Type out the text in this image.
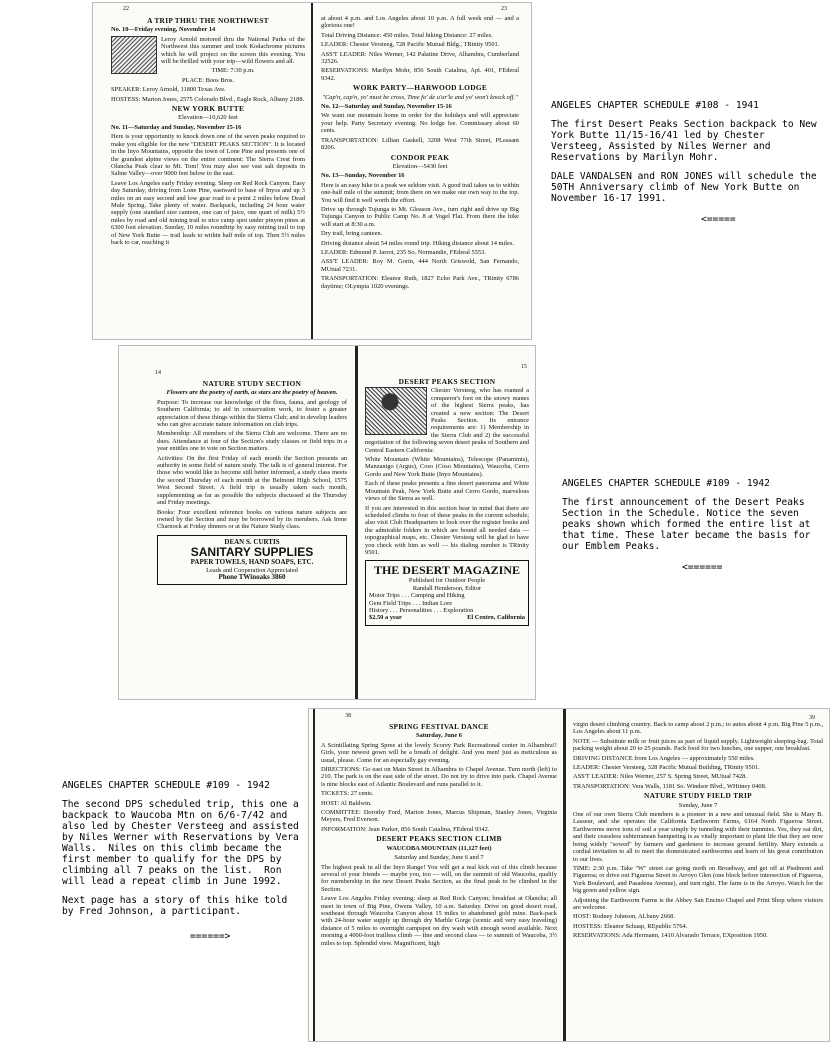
22	23
A TRIP THRU THE NORTHWEST

No. 10—Friday evening, November 14

Leroy Arnold motored thru the National Parks of the Northwest this summer and took Kodachrome pictures which he will project on the screen this evening. You will be thrilled with your trip—wild flowers and all.

TIME: 7:30 p.m.

PLACE: Boos Bros.

SPEAKER: Leroy Arnold, 11800 Texas Ave.

HOSTESS: Marion Jones, 2575 Colorado Blvd., Eagle Rock, Albany 2188.

NEW YORK BUTTE

Elevation—10,620 feet

No. 11—Saturday and Sunday, November 15-16

Here is your opportunity to knock down one of the seven peaks required to make you eligible for the new "DESERT PEAKS SECTION". It is located in the Inyo Mountains, opposite the town of Lone Pine and presents one of the grandest alpine views on the entire continent: The Sierra Crest from Olancha Peak clear to Mt. Tom! You may also see vast salt deposits in Saline Valley—over 9000 feet below to the east.

Leave Los Angeles early Friday evening. Sleep on Red Rock Canyon. Easy day Saturday, driving from Lone Pine, eastward to base of Inyos and up 3 miles on an easy second and low gear road to a point 2 miles below Dead Mule Spring. Take plenty of water. Backpack, including 24 hour water supply (one standard size canteen, one can of juice, one quart of milk) 5½ miles by road and old mining trail to nice camp spot under pinyon pines at 6300 foot elevation. Sunday, 10 miles roundtrip by easy mining trail to top of New York Butte — trail leads to within half mile of top. Then 5½ miles back to car, reaching it

at about 4 p.m. and Los Angeles about 10 p.m. A full week end — and a glorious one!

Total Driving Distance: 450 miles. Total hiking Distance: 27 miles.

LEADER: Chester Versteeg, 728 Pacific Mutual Bldg., TRinity 9501.

ASS'T LEADER: Niles Werner, 142 Palatine Drive, Alhambra, Cumberland 32526.

RESERVATIONS: Marilyn Mohr, 856 South Catalina, Apt. 401, FEderal 9342.

WORK PARTY—HARWOOD LODGE

"Cap'n, cap'n, yo' must be cross, Time fo' de u'ar'le and yo' won't knock off."

No. 12—Saturday and Sunday, November 15-16

We want our mountain home in order for the holidays and will appreciate your help. Party Secretary evening. No lodge fee. Commissary about 60 cents.

TRANSPORTATION: Lillian Gaskell, 3208 West 77th Street, PLeasant 8206.

CONDOR PEAK

Elevation—5430 feet

No. 13—Sunday, November 16

Here is an easy hike to a peak we seldom visit. A good trail takes us to within one-half mile of the summit; from there on we make our own way to the top. You will find it well worth the effort.

Drive up through Tujunga to Mt. Gleason Ave., turn right and drive up Big Tujunga Canyon to Public Camp No. 8 at Vogel Flat. From there the hike will start at 8:30 a.m.

Dry trail, bring canteen.

Driving distance about 54 miles round trip. Hiking distance about 14 miles.

LEADER: Edmund P. Jarrot, 235 So. Normandie, FEderal 5553.

ASS'T LEADER: Roy M. Gorin, 444 North Griswold, San Fernando, MUtual 7231.

TRANSPORTATION: Eleanor Ruth, 1827 Echo Park Ave., TRinity 6786 daytime; OLympia 1020 evenings.

ANGELES CHAPTER SCHEDULE #108 - 1941

The first Desert Peaks Section backpack to New York Butte 11/15-16/41 led by Chester Versteeg, Assisted by Niles Werner and Reservations by Marilyn Mohr.

DALE VANDALSEN and RON JONES will schedule the 50TH Anniversary climb of New York Butte on November 16-17 1991.

<=====

14
15
NATURE STUDY SECTION

Flowers are the poetry of earth, as stars are the poetry of heaven.

Purpose: To increase our knowledge of the flora, fauna, and geology of Southern California; to aid in conservation work, to foster a greater appreciation of these things within the Sierra Club; and to develop leaders who can give accurate nature information on club trips.

Membership: All members of the Sierra Club are welcome. There are no dues. Attendance at four of the Section's study classes or field trips in a year entitles one to vote on Section matters.

Activities: On the first Friday of each month the Section presents an authority in some field of nature study. The talk is of general interest. For those who would like to become still better informed, a study class meets the second Thursday of each month at the Belmont High School, 1575 West Second Street. A field trip is usually taken each month, supplementing as far as possible the subjects discussed at the Thursday and Friday meetings.

Books: Four excellent reference books on various nature subjects are owned by the Section and may be borrowed by its members. Ask Irene Charnock at Friday dinners or at the Nature Study class.

DEAN S. CURTIS
SANITARY SUPPLIES
PAPER TOWELS, HAND SOAPS, ETC.
Leads and Cooperation Appreciated
Phone TWinoaks 3860
DESERT PEAKS SECTION

Chester Versteeg, who has roamed a conqueror's foot on the snowy manes of the highest Sierra peaks, has created a new section: The Desert Peaks Section. Its entrance requirements are: 1) Membership in the Sierra Club and 2) the successful negotiation of the following seven desert peaks of Southern and Central Eastern California:

White Mountain (White Mountains), Telescope (Panamints), Manzanigo (Argus), Coso (Coso Mountains), Waucoba, Cerro Gordo and New York Butte (Inyo Mountains).

Each of these peaks presents a fine desert panorama and White Mountain Peak, New York Butte and Cerro Gordo, marvelous views of the Sierra as well.

If you are interested in this section bear in mind that there are scheduled climbs to four of these peaks in the current schedule; also visit Club Headquarters to look over the register books and the admirable folders in which are bound all needed data — topographical maps, etc. Chester Versteeg will be glad to have you check with him as well — his dialing number is TRinity 9501.

THE DESERT MAGAZINE
Published for Outdoor People
Randall Henderson, Editor
Motor Trips . . . Camping and Hiking
Gem Field Trips . . . Indian Lore
History . . . Personalities . . . Exploration
$2.50 a year	El Centro, California

ANGELES CHAPTER SCHEDULE #109 - 1942

The first announcement of the Desert Peaks Section in the Schedule. Notice the seven peaks shown which formed the entire list at that time. These later became the basis for our Emblem Peaks.

<======

38	39
SPRING FESTIVAL DANCE

Saturday, June 6

A Scintillating Spring Spree at the lovely Scorey Park Recreational center in Alhambra!! Girls, your newest gown will be a breath of delight. And you men! just as meticulous as usual, please. Come for an especially gay evening.

DIRECTIONS: Go east on Main Street in Alhambra to Chapel Avenue. Turn north (left) to 210. The park is on the east side of the street. Do not try to drive into park. Chapel Avenue is nine blocks east of Atlantic Boulevard and runs parallel to it.

TICKETS: 27 cents.

HOST: Al Baldwin.

COMMITTEE: Dorothy Ford, Marion Jones, Marcus Shipman, Stanley Jones, Virginia Meyers, Fred Everson.

INFORMATION: Jean Parker, 856 South Catalina, FEderal 9342.

DESERT PEAKS SECTION CLIMB

WAUCOBA MOUNTAIN (11,127 feet)

Saturday and Sunday, June 6 and 7

The highest peak in all the Inyo Range! You will get a real kick out of this climb because several of your friends — maybe you, too — will, on the summit of old Waucoba, qualify for membership in the new Desert Peaks Section, as the final peak to be climbed in the Section.

Leave Los Angeles Friday evening; sleep at Red Rock Canyon; breakfast at Olancha; all meet in town of Big Pine, Owens Valley, 10 a.m. Saturday. Drive on good desert road, southeast through Waucoba Canyon about 15 miles to abandoned gold mine. Back-pack with 24-hour water supply up through dry Marble Gorge (scenic and very easy traveling) distance of 5 miles to overnight campspot on dry wash with enough wood available. Next morning a 4000-foot trailless climb — fine and second class — to summit of Waucoba, 3½ miles to top. Splendid view. Magnificent, high

virgin desert climbing country. Back to camp about 2 p.m.; to autos about 4 p.m. Big Pine 5 p.m., Los Angeles about 11 p.m.

NOTE — Substitute milk or fruit juices as part of liquid supply. Lightweight sleeping-bag. Total packing weight about 20 to 25 pounds. Pack food for two lunches, one supper, one breakfast.

DRIVING DISTANCE from Los Angeles — approximately 550 miles.

LEADER: Chester Versteeg, 328 Pacific Mutual Building, TRinity 9501.

ASS'T LEADER: Niles Werner, 257 S. Spring Street, MUtual 7428.

TRANSPORTATION: Vera Walls, 1181 So. Windsor Blvd., WHitney 0408.

NATURE STUDY FIELD TRIP

Sunday, June 7

One of our own Sierra Club members is a pioneer in a new and unusual field. She is Mary B. Lasseur, and she operates the California Earthworm Farms, 6164 North Figueroa Street. Earthworms move tons of soil a year simply by tunneling with their tummies. Yes, they eat dirt, and their ceaseless subterranean banqueting is as vitally important to plant life that they are now being widely "sowed" by farmers and gardeners to increase ground fertility. Mary extends a cordial invitation to all to meet the domesticated earthworms and learn of his great contribution to our lives.

TIME: 2:30 p.m. Take "W" street car going north on Broadway, and get off at Piedmont and Figueroa; or drive out Figueroa Street to Arroyo Glen (one block before intersection of Figueroa, York Boulevard, and Pasadena Avenue), and turn right. The farm is in the Arroyo. Watch for the big green and yellow sign.

Adjoining the Earthworm Farms is the Abbey San Encino Chapel and Print Shop where visitors are welcome.

HOST: Rodney Johnson, ALbany 2668.

HOSTESS: Eleanor Schaap, REpublic 5764.

RESERVATIONS: Ada Hermann, 1410 Alvarado Terrace, EXposition 1950.

ANGELES CHAPTER SCHEDULE #109 - 1942

The second DPS scheduled trip, this one a backpack to Waucoba Mtn on 6/6-7/42 and also led by Chester Versteeg and assisted by Niles Werner with Reservations by Vera Walls.  Niles on this climb became the first member to qualify for the DPS by climbing all 7 peaks on the list.  Ron will lead a repeat climb in June 1992.

Next page has a story of this hike told by Fred Johnson, a participant.

======>
